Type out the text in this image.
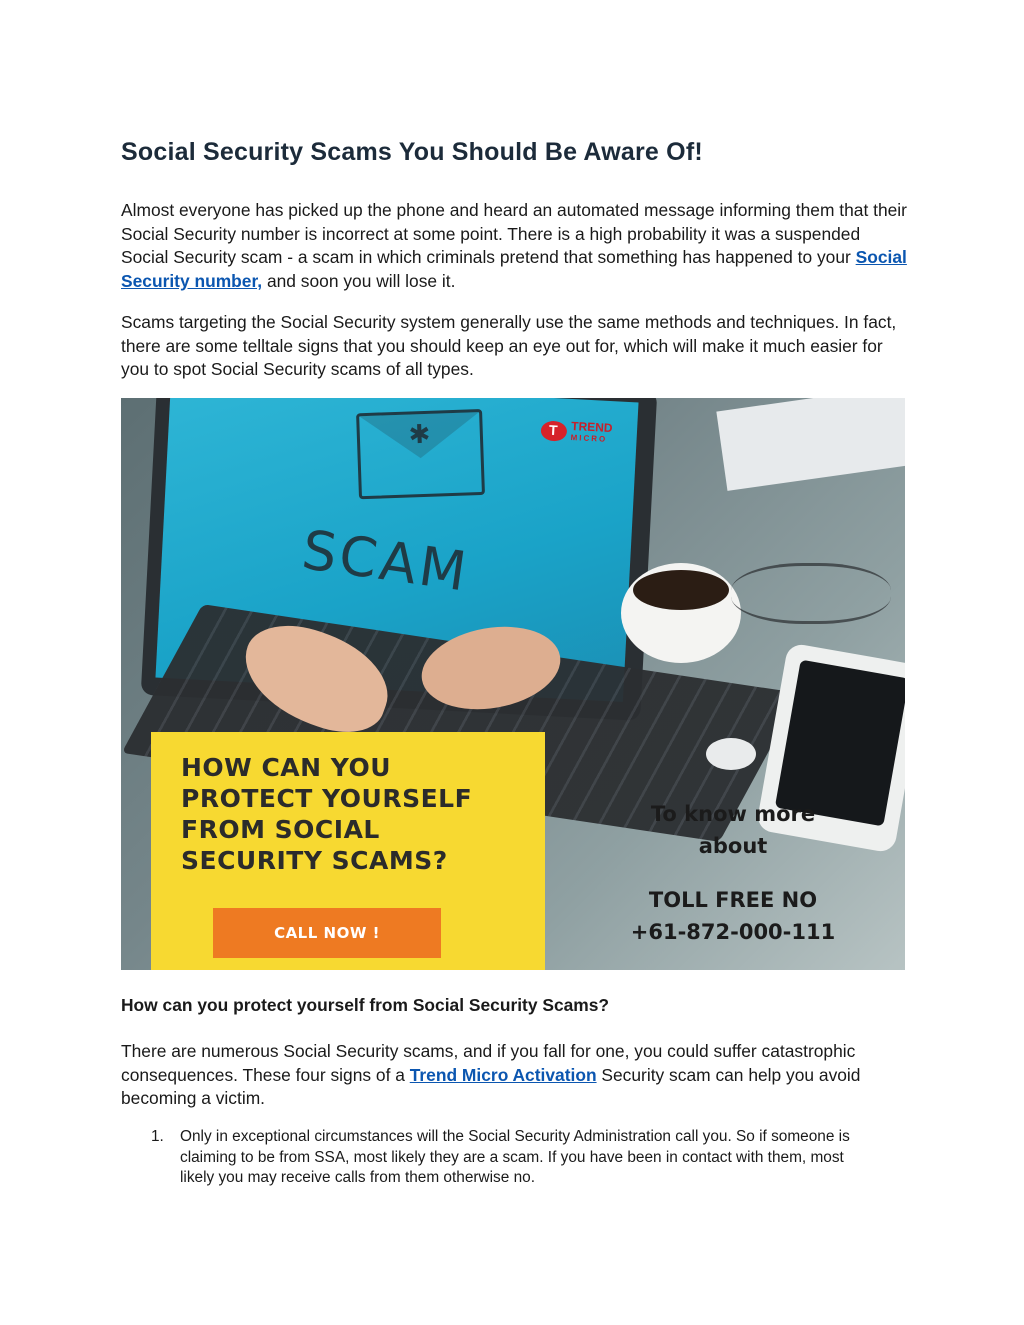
Social Security Scams You Should Be Aware Of!

Almost everyone has picked up the phone and heard an automated message informing them that their Social Security number is incorrect at some point. There is a high probability it was a suspended Social Security scam - a scam in which criminals pretend that something has happened to your Social Security number, and soon you will lose it.

Scams targeting the Social Security system generally use the same methods and techniques. In fact, there are some telltale signs that you should keep an eye out for, which will make it much easier for you to spot Social Security scams of all types.

✱
SCAM
T
TREND
MICRO
HOW CAN YOU
PROTECT YOURSELF
FROM SOCIAL
SECURITY SCAMS?
CALL NOW !
To know more
about
TOLL FREE NO
+61-872-000-111
How can you protect yourself from Social Security Scams?

There are numerous Social Security scams, and if you fall for one, you could suffer catastrophic consequences. These four signs of a Trend Micro Activation Security scam can help you avoid becoming a victim.

1. Only in exceptional circumstances will the Social Security Administration call you. So if someone is claiming to be from SSA, most likely they are a scam. If you have been in contact with them, most likely you may receive calls from them otherwise no.
